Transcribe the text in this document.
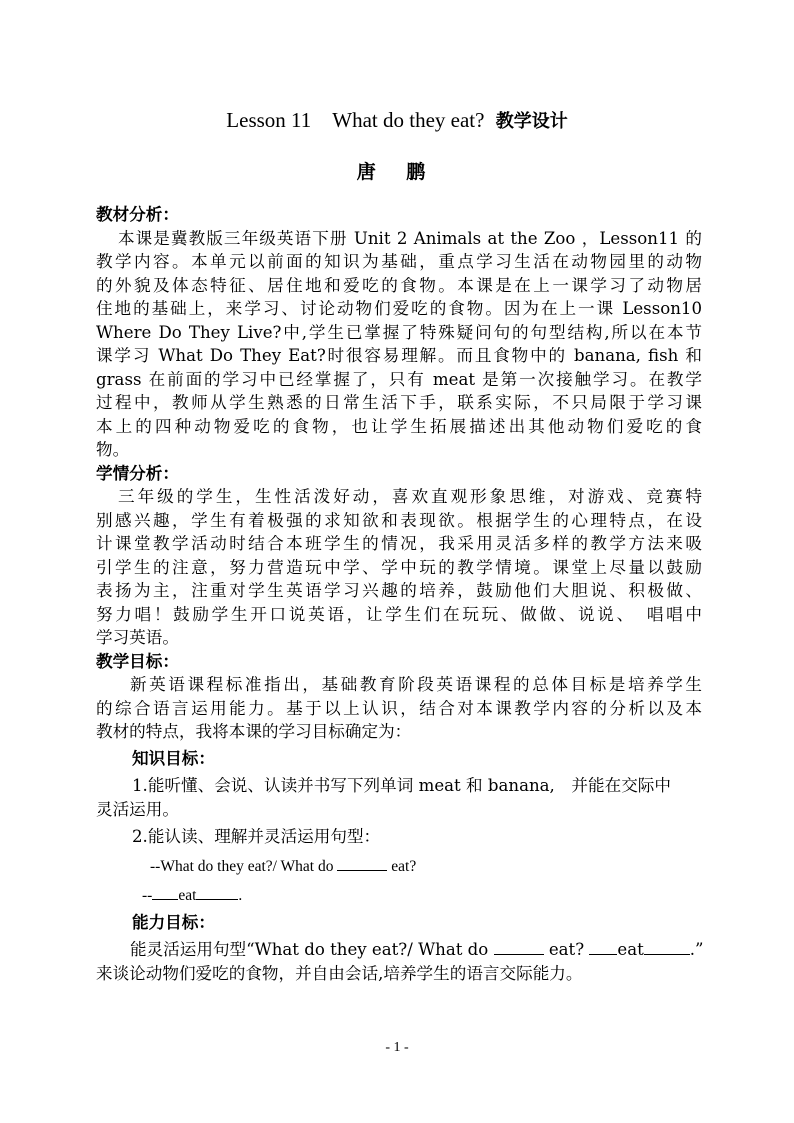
Lesson 11　What do they eat? 教学设计
唐 鹏
教材分析：
本课是冀教版三年级英语下册 Unit 2 Animals at the Zoo ，Lesson11 的
教学内容。本单元以前面的知识为基础，重点学习生活在动物园里的动物
的外貌及体态特征、居住地和爱吃的食物。本课是在上一课学习了动物居
住地的基础上，来学习、讨论动物们爱吃的食物。因为在上一课 Lesson10
Where Do They Live?中,学生已掌握了特殊疑问句的句型结构,所以在本节
课学习 What Do They Eat?时很容易理解。而且食物中的 banana, fish 和
grass 在前面的学习中已经掌握了，只有 meat 是第一次接触学习。在教学
过程中，教师从学生熟悉的日常生活下手，联系实际，不只局限于学习课
本上的四种动物爱吃的食物，也让学生拓展描述出其他动物们爱吃的食
物。
学情分析：
三年级的学生，生性活泼好动，喜欢直观形象思维，对游戏、竞赛特
别感兴趣，学生有着极强的求知欲和表现欲。根据学生的心理特点，在设
计课堂教学活动时结合本班学生的情况，我采用灵活多样的教学方法来吸
引学生的注意，努力营造玩中学、学中玩的教学情境。课堂上尽量以鼓励
表扬为主，注重对学生英语学习兴趣的培养，鼓励他们大胆说、积极做、
努力唱！鼓励学生开口说英语，让学生们在玩玩、做做、说说、　唱唱中
学习英语。
教学目标：
新英语课程标准指出，基础教育阶段英语课程的总体目标是培养学生
的综合语言运用能力。基于以上认识，结合对本课教学内容的分析以及本
教材的特点，我将本课的学习目标确定为：
知识目标：
1.能听懂、会说、认读并书写下列单词 meat 和 banana,　并能在交际中
灵活运用。
2.能认读、理解并灵活运用句型：
--What do they eat?/ What do	eat?
-- eat	.
能力目标：
能灵活运用句型“What do they eat?/ What do	eat? eat	.”
来谈论动物们爱吃的食物，并自由会话,培养学生的语言交际能力。
- 1 -
